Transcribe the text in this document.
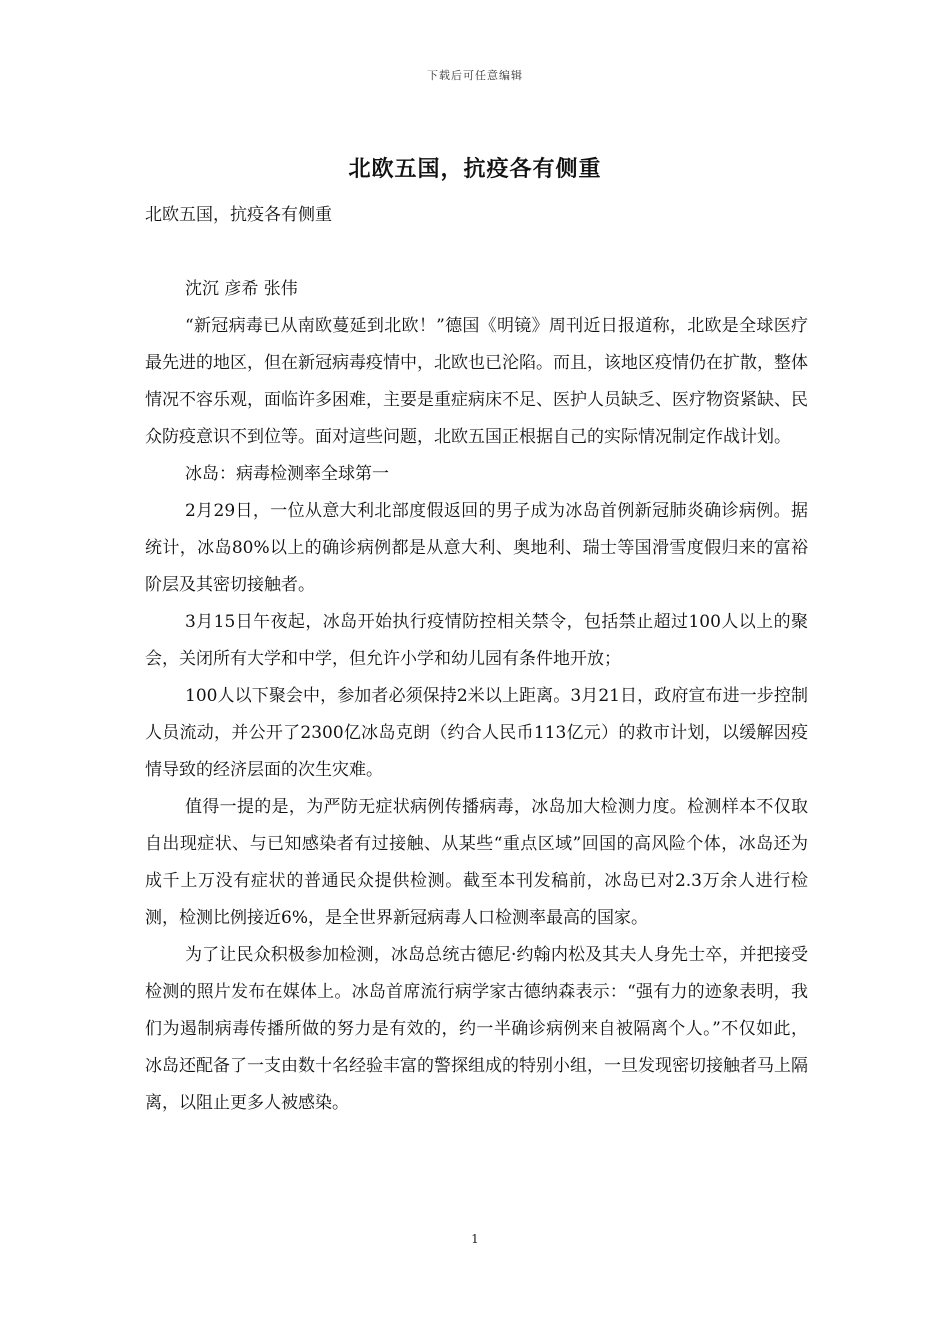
下载后可任意编辑
北欧五国，抗疫各有侧重

北欧五国，抗疫各有侧重

沈沉 彦希 张伟

“新冠病毒已从南欧蔓延到北欧！”德国《明镜》周刊近日报道称，北欧是全球医疗最先进的地区，但在新冠病毒疫情中，北欧也已沦陷。而且，该地区疫情仍在扩散，整体情况不容乐观，面临许多困难，主要是重症病床不足、医护人员缺乏、医疗物资紧缺、民众防疫意识不到位等。面对這些问题，北欧五国正根据自己的实际情况制定作战计划。

冰岛：病毒检测率全球第一

2月29日，一位从意大利北部度假返回的男子成为冰岛首例新冠肺炎确诊病例。据统计，冰岛80%以上的确诊病例都是从意大利、奥地利、瑞士等国滑雪度假归来的富裕阶层及其密切接触者。

3月15日午夜起，冰岛开始执行疫情防控相关禁令，包括禁止超过100人以上的聚会，关闭所有大学和中学，但允许小学和幼儿园有条件地开放；

100人以下聚会中，参加者必须保持2米以上距离。3月21日，政府宣布进一步控制人员流动，并公开了2300亿冰岛克朗（约合人民币113亿元）的救市计划，以缓解因疫情导致的经济层面的次生灾难。

值得一提的是，为严防无症状病例传播病毒，冰岛加大检测力度。检测样本不仅取自出现症状、与已知感染者有过接触、从某些“重点区域”回国的高风险个体，冰岛还为成千上万没有症状的普通民众提供检测。截至本刊发稿前，冰岛已对2.3万余人进行检测，检测比例接近6%，是全世界新冠病毒人口检测率最高的国家。

为了让民众积极参加检测，冰岛总统古德尼·约翰内松及其夫人身先士卒，并把接受检测的照片发布在媒体上。冰岛首席流行病学家古德纳森表示：“强有力的迹象表明，我们为遏制病毒传播所做的努力是有效的，约一半确诊病例来自被隔离个人。”不仅如此，冰岛还配备了一支由数十名经验丰富的警探组成的特别小组，一旦发现密切接触者马上隔离，以阻止更多人被感染。

1
